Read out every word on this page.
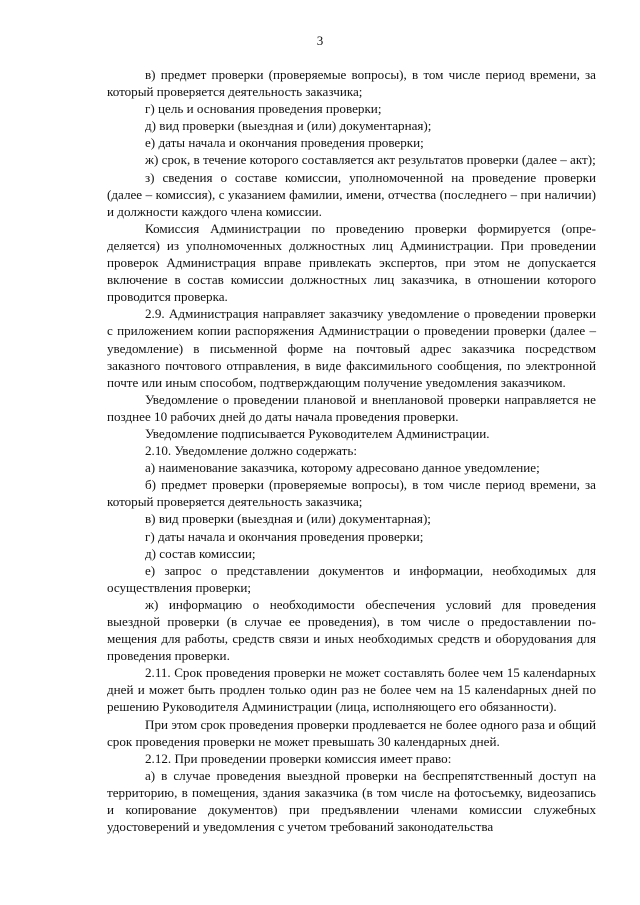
3

в) предмет проверки (проверяемые вопросы), в том числе период времени, за который проверяется деятельность заказчика;

г) цель и основания проведения проверки;

д) вид проверки (выездная и (или) документарная);

е) даты начала и окончания проведения проверки;

ж) срок, в течение которого составляется акт результатов проверки (далее – акт);

з) сведения о составе комиссии, уполномоченной на проведение проверки (далее – комиссия), с указанием фамилии, имени, отчества (последнего – при наличии) и должности каждого члена комиссии.

Комиссия Администрации по проведению проверки формируется (определяется) из уполномоченных должностных лиц Администрации. При проведении проверок Администрация вправе привлекать экспертов, при этом не допускается включение в состав комиссии должностных лиц заказчика, в отношении которого проводится проверка.

2.9. Администрация направляет заказчику уведомление о проведении проверки с приложением копии распоряжения Администрации о проведении проверки (далее – уведомление) в письменной форме на почтовый адрес заказчика посредством заказного почтового отправления, в виде факсимильного сообщения, по электронной почте или иным способом, подтверждающим получение уведомления заказчиком.

Уведомление о проведении плановой и внеплановой проверки направляется не позднее 10 рабочих дней до даты начала проведения проверки.

Уведомление подписывается Руководителем Администрации.

2.10. Уведомление должно содержать:

а) наименование заказчика, которому адресовано данное уведомление;

б) предмет проверки (проверяемые вопросы), в том числе период времени, за который проверяется деятельность заказчика;

в) вид проверки (выездная и (или) документарная);

г) даты начала и окончания проведения проверки;

д) состав комиссии;

е) запрос о представлении документов и информации, необходимых для осуществления проверки;

ж) информацию о необходимости обеспечения условий для проведения выездной проверки (в случае ее проведения), в том числе о предоставлении помещения для работы, средств связи и иных необходимых средств и оборудования для проведения проверки.

2.11. Срок проведения проверки не может составлять более чем 15 каленdарных дней и может быть продлен только один раз не более чем на 15 каленdарных дней по решению Руководителя Администрации (лица, исполняющего его обязанности).

При этом срок проведения проверки продлевается не более одного раза и общий срок проведения проверки не может превышать 30 календарных дней.

2.12. При проведении проверки комиссия имеет право:

а) в случае проведения выездной проверки на беспрепятственный доступ на территорию, в помещения, здания заказчика (в том числе на фотосъемку, видеозапись и копирование документов) при предъявлении членами комиссии служебных удостоверений и уведомления с учетом требований законодательства
